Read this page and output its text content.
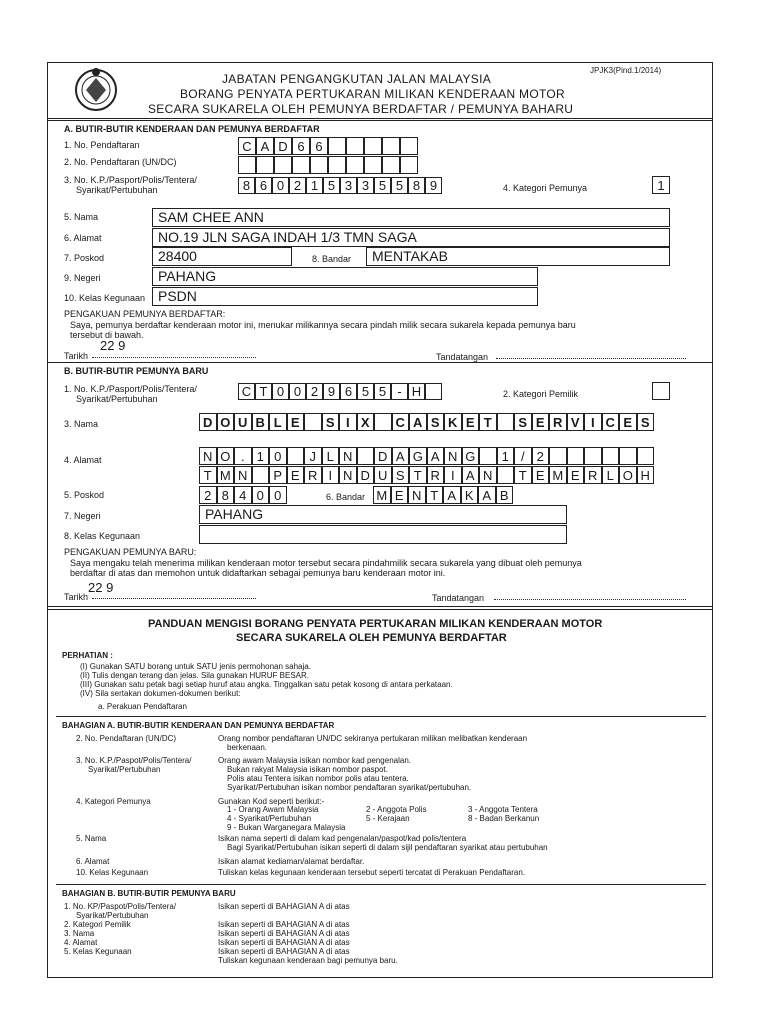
JPJK3(Pind.1/2014)
JABATAN PENGANGKUTAN JALAN MALAYSIA
BORANG PENYATA PERTUKARAN MILIKAN KENDERAAN MOTOR
SECARA SUKARELA OLEH PEMUNYA BERDAFTAR / PEMUNYA BAHARU
A. BUTIR-BUTIR KENDERAAN DAN PEMUNYA BERDAFTAR
1. No. Pendaftaran	C A D 6 6
2. No. Pendaftaran (UN/DC)
3. No. K.P./Pasport/Polis/Tentera/
Syarikat/Pertubuhan	8 6 0 2 1 5 3 3 5 5 8 9	4. Kategori Pemunya	1
5. Nama	SAM CHEE ANN
6. Alamat	NO.19 JLN SAGA INDAH 1/3 TMN SAGA
7. Poskod	28400	8. Bandar	MENTAKAB
9. Negeri	PAHANG
10. Kelas Kegunaan PSDN
PENGAKUAN PEMUNYA BERDAFTAR:
Saya, pemunya berdaftar kenderaan motor ini, menukar milikannya secara pindah milik secara sukarela kepada pemunya baru
tersebut di bawah.
Tarikh
22 9
Tandatangan
B. BUTIR-BUTIR PEMUNYA BARU
1. No. K.P./Pasport/Polis/Tentera/
Syarikat/Pertubuhan	C T 0 0 2 9 6 5 5 - H	2. Kategori Pemilik
3. Nama	D O U B L E	S I X	C A S K E T	S E R V I C E S
4. Alamat	N O . 1 0	J L N	D A G A N G	1 / 2
T M N	P E R I N D U S T R I A N	T E M E R L O H
5. Poskod	2 8 4 0 0	6. Bandar M E N T A K A B
7. Negeri	PAHANG
8. Kelas Kegunaan
PENGAKUAN PEMUNYA BARU:
Saya mengaku telah menerima milikan kenderaan motor tersebut secara pindahmilik secara sukarela yang dibuat oleh pemunya
berdaftar di atas dan memohon untuk didaftarkan sebagai pemunya baru kenderaan motor ini.
Tarikh
22 9
Tandatangan
PANDUAN MENGISI BORANG PENYATA PERTUKARAN MILIKAN KENDERAAN MOTOR
SECARA SUKARELA OLEH PEMUNYA BERDAFTAR
PERHATIAN :
(I) Gunakan SATU borang untuk SATU jenis permohonan sahaja.
(II) Tulis dengan terang dan jelas. Sila gunakan HURUF BESAR.
(III) Gunakan satu petak bagi setiap huruf atau angka. Tinggalkan satu petak kosong di antara perkataan.
(IV) Sila sertakan dokumen-dokumen berikut:
a. Perakuan Pendaftaran
BAHAGIAN A. BUTIR-BUTIR KENDERAAN DAN PEMUNYA BERDAFTAR
2. No. Pendaftaran (UN/DC)	Orang nombor pendaftaran UN/DC sekiranya pertukaran milikan melibatkan kenderaan
berkenaan.
3. No. K.P./Paspot/Polis/Tentera/
Syarikat/Pertubuhan
Orang awam Malaysia isikan nombor kad pengenalan.
Bukan rakyat Malaysia isikan nombor paspot.
Polis atau Tentera isikan nombor polis atau tentera.
Syarikat/Pertubuhan isikan nombor pendaftaran syarikat/pertubuhan.
4. Kategori Pemunya	Gunakan Kod seperti berikut:-
1 - Orang Awam Malaysia	2 - Anggota Polis	3 - Anggota Tentera
4 - Syarikat/Pertubuhan	5 - Kerajaan	8 - Badan Berkanun
9 - Bukan Warganegara Malaysia
5. Nama	Isikan nama seperti di dalam kad pengenalan/paspot/kad polis/tentera
Bagi Syarikat/Pertubuhan isikan seperti di dalam sijil pendaftaran syarikat atau pertubuhan
6. Alamat	Isikan alamat kediaman/alamat berdaftar.
10. Kelas Kegunaan	Tuliskan kelas kegunaan kenderaan tersebut seperti tercatat di Perakuan Pendaftaran.
BAHAGIAN B. BUTIR-BUTIR PEMUNYA BARU
1. No. KP/Paspot/Polis/Tentera/
Syarikat/Pertubuhan
Isikan seperti di BAHAGIAN A di atas
2. Kategori Pemilik	Isikan seperti di BAHAGIAN A di atas
3. Nama	Isikan seperti di BAHAGIAN A di atas
4. Alamat	Isikan seperti di BAHAGIAN A di atas
5. Kelas Kegunaan	Isikan seperti di BAHAGIAN A di atas
Tuliskan kegunaan kenderaan bagi pemunya baru.
